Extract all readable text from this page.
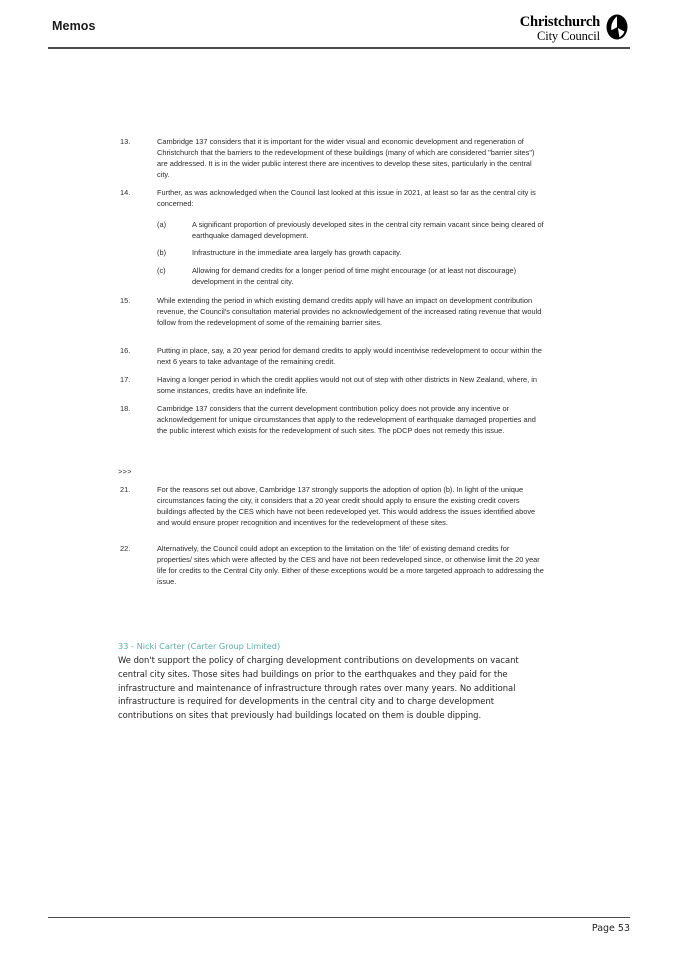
Memos	Christchurch
City Council
13.	Cambridge 137 considers that it is important for the wider visual and economic development and regeneration of Christchurch that the barriers to the redevelopment of these buildings (many of which are considered "barrier sites") are addressed. It is in the wider public interest there are incentives to develop these sites, particularly in the central city.
14.	Further, as was acknowledged when the Council last looked at this issue in 2021, at least so far as the central city is concerned:
(a)	A significant proportion of previously developed sites in the central city remain vacant since being cleared of earthquake damaged development.
(b)	Infrastructure in the immediate area largely has growth capacity.
(c)	Allowing for demand credits for a longer period of time might encourage (or at least not discourage) development in the central city.
15.	While extending the period in which existing demand credits apply will have an impact on development contribution revenue, the Council's consultation material provides no acknowledgement of the increased rating revenue that would follow from the redevelopment of some of the remaining barrier sites.
16.	Putting in place, say, a 20 year period for demand credits to apply would incentivise redevelopment to occur within the next 6 years to take advantage of the remaining credit.
17.	Having a longer period in which the credit applies would not out of step with other districts in New Zealand, where, in some instances, credits have an indefinite life.
18.	Cambridge 137 considers that the current development contribution policy does not provide any incentive or acknowledgement for unique circumstances that apply to the redevelopment of earthquake damaged properties and the public interest which exists for the redevelopment of such sites. The pDCP does not remedy this issue.
>>>
21.	For the reasons set out above, Cambridge 137 strongly supports the adoption of option (b). In light of the unique circumstances facing the city, it considers that a 20 year credit should apply to ensure the existing credit covers buildings affected by the CES which have not been redeveloped yet. This would address the issues identified above and would ensure proper recognition and incentives for the redevelopment of these sites.
22.	Alternatively, the Council could adopt an exception to the limitation on the 'life' of existing demand credits for properties/ sites which were affected by the CES and have not been redeveloped since, or otherwise limit the 20 year life for credits to the Central City only. Either of these exceptions would be a more targeted approach to addressing the issue.

33 - Nicki Carter (Carter Group Limited)

We don't support the policy of charging development contributions on developments on vacant central city sites. Those sites had buildings on prior to the earthquakes and they paid for the infrastructure and maintenance of infrastructure through rates over many years. No additional infrastructure is required for developments in the central city and to charge development contributions on sites that previously had buildings located on them is double dipping.

Page 53
